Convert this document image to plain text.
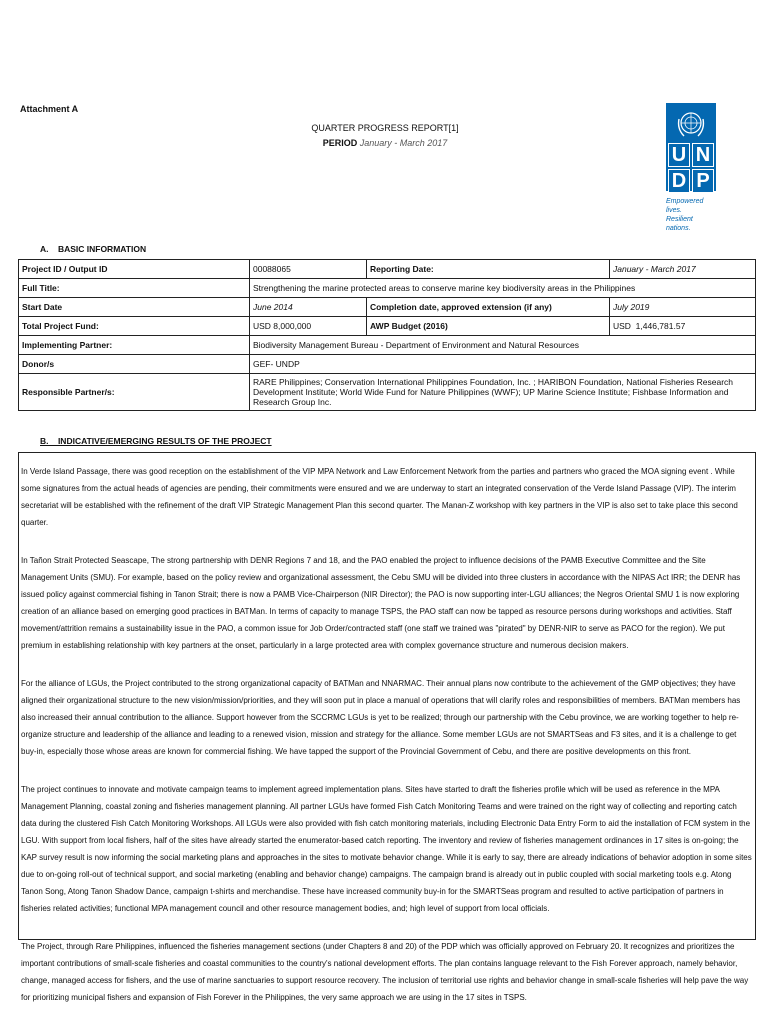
Attachment A
QUARTER PROGRESS REPORT[1]
PERIOD January - March 2017
U N
D P
Empowered lives.
Resilient nations.
A.    BASIC INFORMATION
Project ID / Output ID	00088065	Reporting Date:	January - March 2017
Full Title:	Strengthening the marine protected areas to conserve marine key biodiversity areas in the Philippines		
Start Date	June 2014	Completion date, approved extension (if any)	July 2019
Total Project Fund:	USD 8,000,000	AWP Budget (2016)	USD  1,446,781.57
Implementing Partner:	Biodiversity Management Bureau - Department of Environment and Natural Resources		
Donor/s	GEF- UNDP		
Responsible Partner/s:	RARE Philippines; Conservation International Philippines Foundation, Inc. ; HARIBON Foundation, National Fisheries Research Development Institute; World Wide Fund for Nature Philippines (WWF); UP Marine Science Institute; Fishbase Information and Research Group Inc.		
B.    INDICATIVE/EMERGING RESULTS OF THE PROJECT

In Verde Island Passage, there was good reception on the establishment of the VIP MPA Network and Law Enforcement Network from the parties and partners who graced the MOA signing event . While some signatures from the actual heads of agencies are pending, their commitments were ensured and we are underway to start an integrated conservation of the Verde Island Passage (VIP). The interim secretariat will be established with the refinement of the draft VIP Strategic Management Plan this second quarter. The Manan-Z workshop with key partners in the VIP is also set to take place this second quarter.

In Tañon Strait Protected Seascape, The strong partnership with DENR Regions 7 and 18, and the PAO enabled the project to influence decisions of the PAMB Executive Committee and the Site Management Units (SMU). For example, based on the policy review and organizational assessment, the Cebu SMU will be divided into three clusters in accordance with the NIPAS Act IRR; the DENR has issued policy against commercial fishing in Tanon Strait; there is now a PAMB Vice-Chairperson (NIR Director); the PAO is now supporting inter-LGU alliances; the Negros Oriental SMU 1 is now exploring creation of an alliance based on emerging good practices in BATMan. In terms of capacity to manage TSPS, the PAO staff can now be tapped as resource persons during workshops and activities. Staff movement/attrition remains a sustainability issue in the PAO, a common issue for Job Order/contracted staff (one staff we trained was "pirated" by DENR-NIR to serve as PACO for the region). We put premium in establishing relationship with key partners at the onset, particularly in a large protected area with complex governance structure and numerous decision makers.

For the alliance of LGUs, the Project contributed to the strong organizational capacity of BATMan and NNARMAC. Their annual plans now contribute to the achievement of the GMP objectives; they have aligned their organizational structure to the new vision/mission/priorities, and they will soon put in place a manual of operations that will clarify roles and responsibilities of members. BATMan members has also increased their annual contribution to the alliance. Support however from the SCCRMC LGUs is yet to be realized; through our partnership with the Cebu province, we are working together to help re-organize structure and leadership of the alliance and leading to a renewed vision, mission and strategy for the alliance. Some member LGUs are not SMARTSeas and F3 sites, and it is a challenge to get buy-in, especially those whose areas are known for commercial fishing. We have tapped the support of the Provincial Government of Cebu, and there are positive developments on this front.

The project continues to innovate and motivate campaign teams to implement agreed implementation plans. Sites have started to draft the fisheries profile which will be used as reference in the MPA Management Planning, coastal zoning and fisheries management planning. All partner LGUs have formed Fish Catch Monitoring Teams and were trained on the right way of collecting and reporting catch data during the clustered Fish Catch Monitoring Workshops. All LGUs were also provided with fish catch monitoring materials, including Electronic Data Entry Form to aid the installation of FCM system in the LGU. With support from local fishers, half of the sites have already started the enumerator-based catch reporting. The inventory and review of fisheries management ordinances in 17 sites is on-going; the KAP survey result is now informing the social marketing plans and approaches in the sites to motivate behavior change. While it is early to say, there are already indications of behavior adoption in some sites due to on-going roll-out of technical support, and social marketing (enabling and behavior change) campaigns. The campaign brand is already out in public coupled with social marketing tools e.g. Atong Tanon Song, Atong Tanon Shadow Dance, campaign t-shirts and merchandise. These have increased community buy-in for the SMARTSeas program and resulted to active participation of partners in fisheries related activities; functional MPA management council and other resource management bodies, and; high level of support from local officials.

The Project, through Rare Philippines, influenced the fisheries management sections (under Chapters 8 and 20) of the PDP which was officially approved on February 20. It recognizes and prioritizes the important contributions of small-scale fisheries and coastal communities to the country's national development efforts. The plan contains language relevant to the Fish Forever approach, namely behavior, change, managed access for fishers, and the use of marine sanctuaries to support resource recovery. The inclusion of territorial use rights and behavior change in small-scale fisheries will help pave the way for prioritizing municipal fishers and expansion of Fish Forever in the Philippines, the very same approach we are using in the 17 sites in TSPS.
